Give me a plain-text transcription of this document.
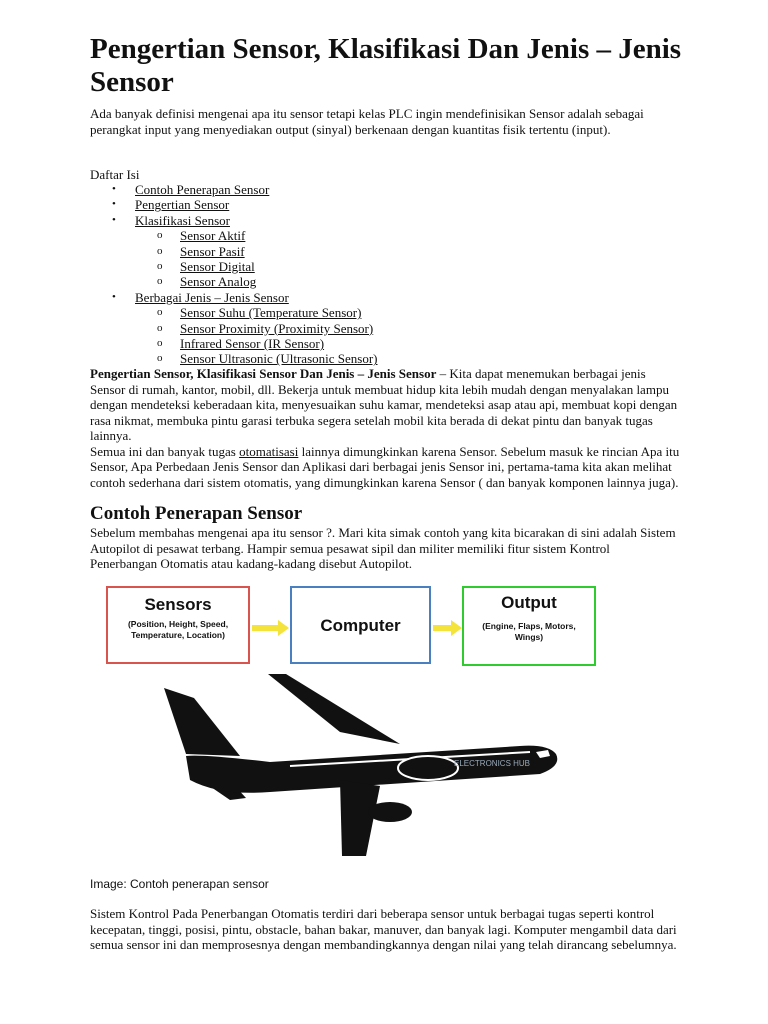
Pengertian Sensor, Klasifikasi Dan Jenis – Jenis Sensor

Ada banyak definisi mengenai apa itu sensor tetapi kelas PLC ingin mendefinisikan Sensor adalah sebagai perangkat input yang menyediakan output (sinyal) berkenaan dengan kuantitas fisik tertentu (input).

Daftar Isi
• Contoh Penerapan Sensor
• Pengertian Sensor
• Klasifikasi Sensor
o Sensor Aktif
o Sensor Pasif
o Sensor Digital
o Sensor Analog
• Berbagai Jenis – Jenis Sensor
o Sensor Suhu (Temperature Sensor)
o Sensor Proximity (Proximity Sensor)
o Infrared Sensor (IR Sensor)
o Sensor Ultrasonic (Ultrasonic Sensor)
Pengertian Sensor, Klasifikasi Sensor Dan Jenis – Jenis Sensor – Kita dapat menemukan berbagai jenis Sensor di rumah, kantor, mobil, dll. Bekerja untuk membuat hidup kita lebih mudah dengan menyalakan lampu dengan mendeteksi keberadaan kita, menyesuaikan suhu kamar, mendeteksi asap atau api, membuat kopi dengan rasa nikmat, membuka pintu garasi terbuka segera setelah mobil kita berada di dekat pintu dan banyak tugas lainnya.
Semua ini dan banyak tugas otomatisasi lainnya dimungkinkan karena Sensor. Sebelum masuk ke rincian Apa itu Sensor, Apa Perbedaan Jenis Sensor dan Aplikasi dari berbagai jenis Sensor ini, pertama-tama kita akan melihat contoh sederhana dari sistem otomatis, yang dimungkinkan karena Sensor ( dan banyak komponen lainnya juga).
Contoh Penerapan Sensor

Sebelum membahas mengenai apa itu sensor ?. Mari kita simak contoh yang kita bicarakan di sini adalah Sistem Autopilot di pesawat terbang. Hampir semua pesawat sipil dan militer memiliki fitur sistem Kontrol Penerbangan Otomatis atau kadang-kadang disebut Autopilot.

Image: Contoh penerapan sensor

Sistem Kontrol Pada Penerbangan Otomatis terdiri dari beberapa sensor untuk berbagai tugas seperti kontrol kecepatan, tinggi, posisi, pintu, obstacle, bahan bakar, manuver, dan banyak lagi. Komputer mengambil data dari semua sensor ini dan memprosesnya dengan membandingkannya dengan nilai yang telah dirancang sebelumnya.

Sensors
(Position, Height, Speed, Temperature, Location)	Computer
Output
(Engine, Flaps, Motors, Wings)
ELECTRONICS HUB
